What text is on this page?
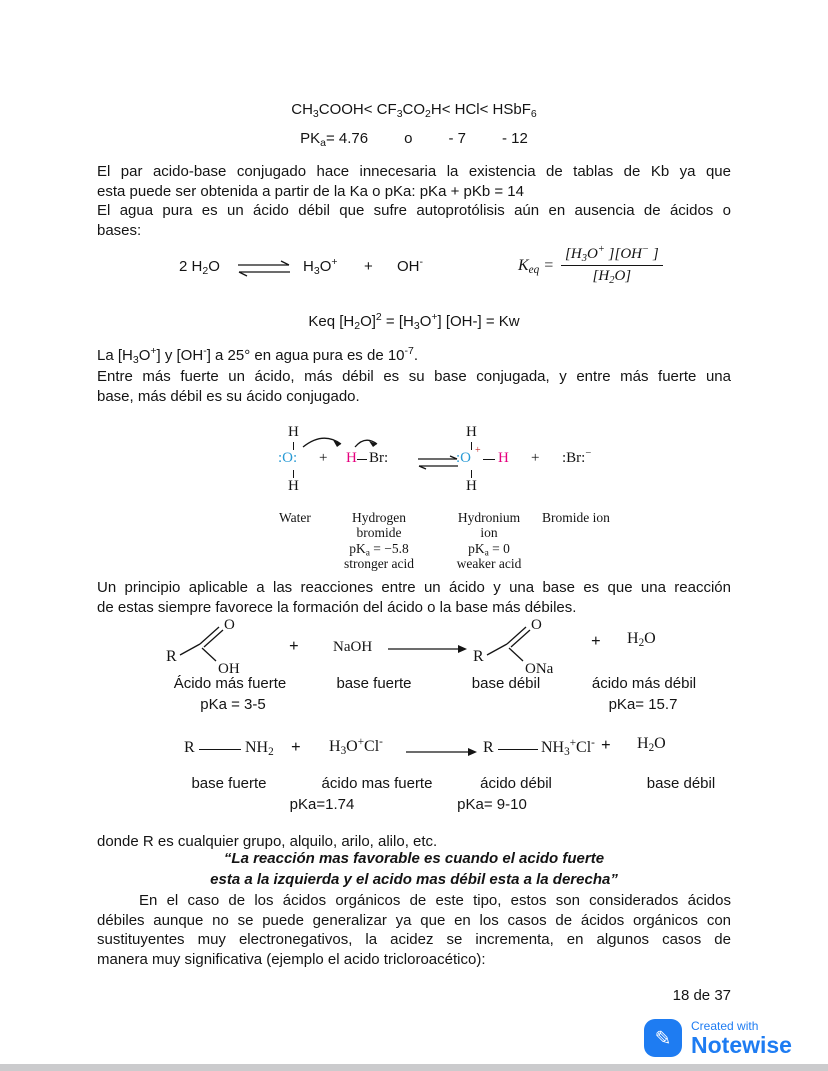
$CH_3COOH< CF_3CO_2H< HCl<$ HSbF$_6$
$PK_a= 4.76$ o - 7 - 12
El par acido-base conjugado hace innecesaria la existencia de tablas de Kb ya que
esta puede ser obtenida a partir de la Ka o pKa: pKa + pKb = 14
El agua pura es un ácido débil que sufre autoprotólisis aún en ausencia de ácidos o
bases:
2 $H_2O$ ⇌ $H_3O^+ + OH^-$	$K_{eq} = \frac{[H_3O^+ ][OH^- ]}{[H_2O]}$
Keq $[H_2O]^2 = [H_3O^+] [OH-] = Kw$
La $[H_3O^+]$ y [OH-] a 25° en agua pura es de $10^{-7}$.
Entre más fuerte un ácido, más débil es su base conjugada, y entre más fuerte una
base, más débil es su ácido conjugado.
H
:O:
H
+ H Br:
H
:O + H
H
+ :Br:−
Water	Hydrogen
bromide
$pK_a = -5.8$
stronger acid
Hydronium
ion
$pK_a = 0$
weaker acid
Bromide ion
Un principio aplicable a las reacciones entre un ácido y una base es que una reacción
de estas siempre favorece la formación del ácido o la base más débiles.
R
O
OH
+ NaOH
R
O
ONa
+ $H_2O$
Ácido más fuerte
pKa = 3-5
base fuerte	base débil	ácido más débil
pKa= 15.7
R	$NH_2 + H_3O^+Cl^-$	R	$NH_3^+Cl^- + H_2O$
base fuerte	ácido mas fuerte
pKa=1.74
ácido débil
pKa= 9-10
base débil
donde R es cualquier grupo, alquilo, arilo, alilo, etc.
“La reacción mas favorable es cuando el acido fuerte
esta a la izquierda y el acido mas débil esta a la derecha”
En el caso de los ácidos orgánicos de este tipo, estos son considerados ácidos
débiles aunque no se puede generalizar ya que en los casos de ácidos orgánicos con
sustituyentes muy electronegativos, la acidez se incrementa, en algunos casos de
manera muy significativa (ejemplo el acido tricloroacético):
18 de 37
✎
Created with
Notewise
